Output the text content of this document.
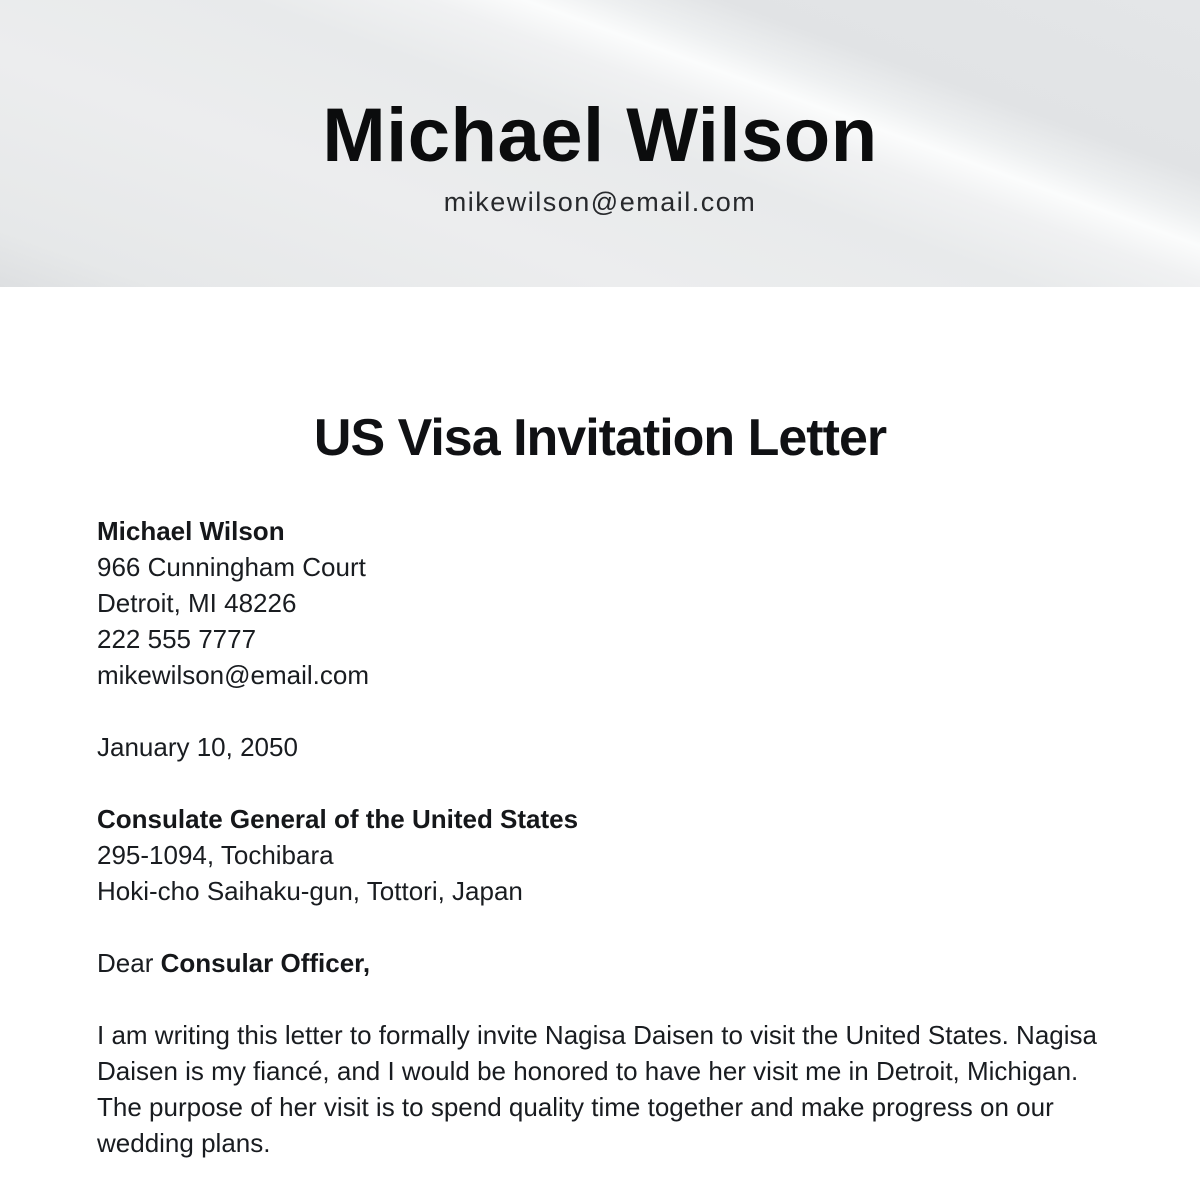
Michael Wilson
mikewilson@email.com
US Visa Invitation Letter

Michael Wilson

966 Cunningham Court

Detroit, MI 48226

222 555 7777

mikewilson@email.com

January 10, 2050

Consulate General of the United States

295-1094, Tochibara

Hoki-cho Saihaku-gun, Tottori, Japan

Dear Consular Officer,

I am writing this letter to formally invite Nagisa Daisen to visit the United States. Nagisa Daisen is my fiancé, and I would be honored to have her visit me in Detroit, Michigan. The purpose of her visit is to spend quality time together and make progress on our wedding plans.
